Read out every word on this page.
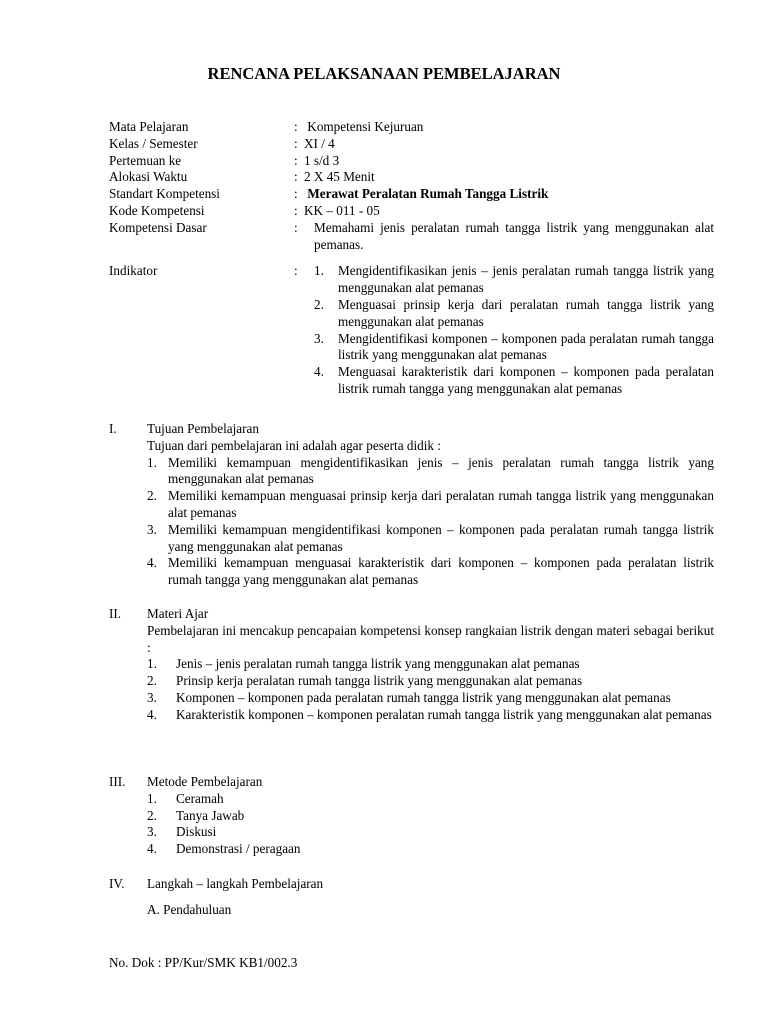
RENCANA PELAKSANAAN PEMBELAJARAN
Mata Pelajaran	: Kompetensi Kejuruan
Kelas / Semester	: XI / 4
Pertemuan ke	: 1 s/d 3
Alokasi Waktu	: 2 X 45 Menit
Standart Kompetensi	: Merawat Peralatan Rumah Tangga Listrik
Kode Kompetensi	: KK – 011 - 05
Kompetensi Dasar	:	Memahami jenis peralatan rumah tangga listrik yang menggunakan alat pemanas.
Indikator	:	1.	Mengidentifikasikan jenis – jenis peralatan rumah tangga listrik yang menggunakan alat pemanas
2.	Menguasai prinsip kerja dari peralatan rumah tangga listrik yang menggunakan alat pemanas
3.	Mengidentifikasi komponen – komponen pada peralatan rumah tangga listrik yang menggunakan alat pemanas
4.	Menguasai karakteristik dari komponen – komponen pada peralatan listrik rumah tangga yang menggunakan alat pemanas
I.	Tujuan Pembelajaran
Tujuan dari pembelajaran ini adalah agar peserta didik :
1. Memiliki kemampuan mengidentifikasikan jenis – jenis peralatan rumah tangga listrik yang menggunakan alat pemanas
2. Memiliki kemampuan menguasai prinsip kerja dari peralatan rumah tangga listrik yang menggunakan alat pemanas
3. Memiliki kemampuan mengidentifikasi komponen – komponen pada peralatan rumah tangga listrik yang menggunakan alat pemanas
4. Memiliki kemampuan menguasai karakteristik dari komponen – komponen pada peralatan listrik rumah tangga yang menggunakan alat pemanas
II.	Materi Ajar
Pembelajaran ini mencakup pencapaian kompetensi konsep rangkaian listrik dengan materi sebagai berikut :
1.	Jenis – jenis peralatan rumah tangga listrik yang menggunakan alat pemanas
2.	Prinsip kerja peralatan rumah tangga listrik yang menggunakan alat pemanas
3.	Komponen – komponen pada peralatan rumah tangga listrik yang menggunakan alat pemanas
4.	Karakteristik komponen – komponen peralatan rumah tangga listrik yang menggunakan alat pemanas
III.	Metode Pembelajaran
1.	Ceramah
2.	Tanya Jawab
3.	Diskusi
4.	Demonstrasi / peragaan
IV.	Langkah – langkah Pembelajaran
A. Pendahuluan
No. Dok : PP/Kur/SMK KB1/002.3
